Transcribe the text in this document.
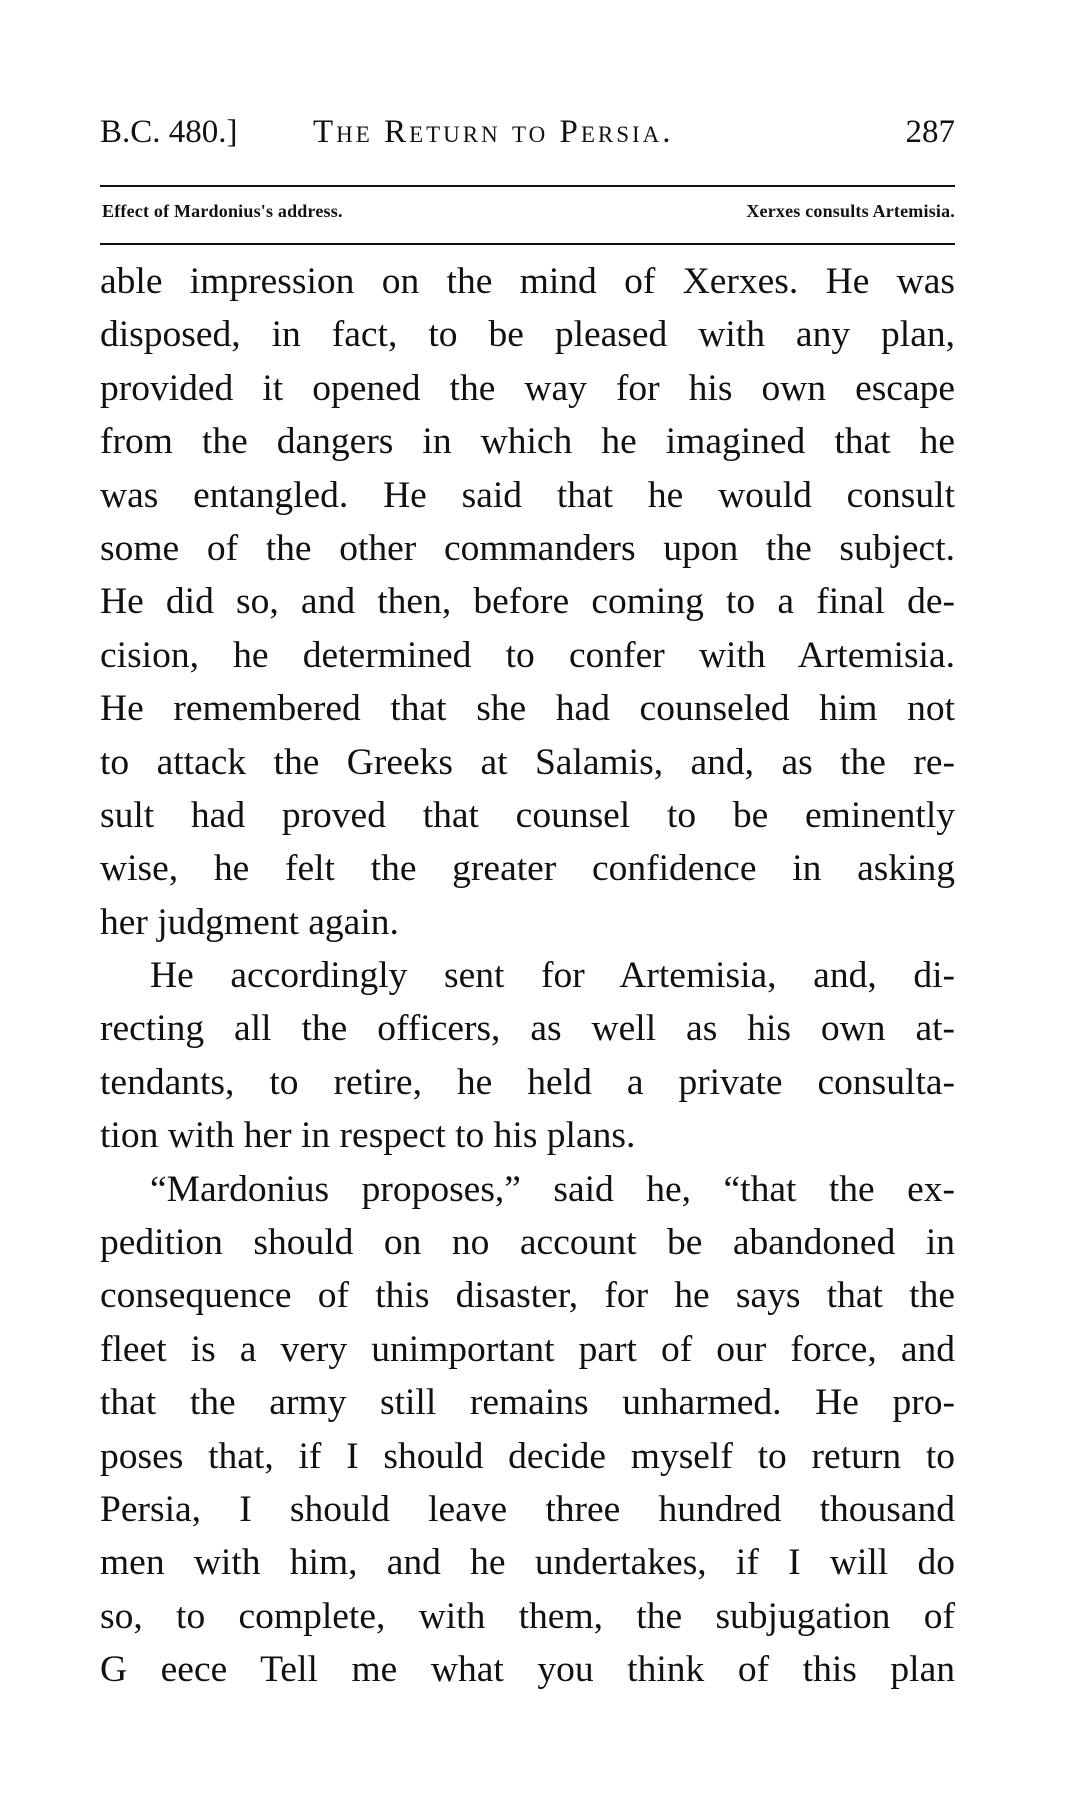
B.C. 480.] The Return to Persia.	287
Effect of Mardonius's address.	Xerxes consults Artemisia.
able impression on the mind of Xerxes. He was
disposed, in fact, to be pleased with any plan,
provided it opened the way for his own escape
from the dangers in which he imagined that he
was entangled. He said that he would consult
some of the other commanders upon the subject.
He did so, and then, before coming to a final de-
cision, he determined to confer with Artemisia.
He remembered that she had counseled him not
to attack the Greeks at Salamis, and, as the re-
sult had proved that counsel to be eminently
wise, he felt the greater confidence in asking
her judgment again.
He accordingly sent for Artemisia, and, di-
recting all the officers, as well as his own at-
tendants, to retire, he held a private consulta-
tion with her in respect to his plans.
“Mardonius proposes,” said he, “that the ex-
pedition should on no account be abandoned in
consequence of this disaster, for he says that the
fleet is a very unimportant part of our force, and
that the army still remains unharmed. He pro-
poses that, if I should decide myself to return to
Persia, I should leave three hundred thousand
men with him, and he undertakes, if I will do
so, to complete, with them, the subjugation of
G eece Tell me what you think of this plan
